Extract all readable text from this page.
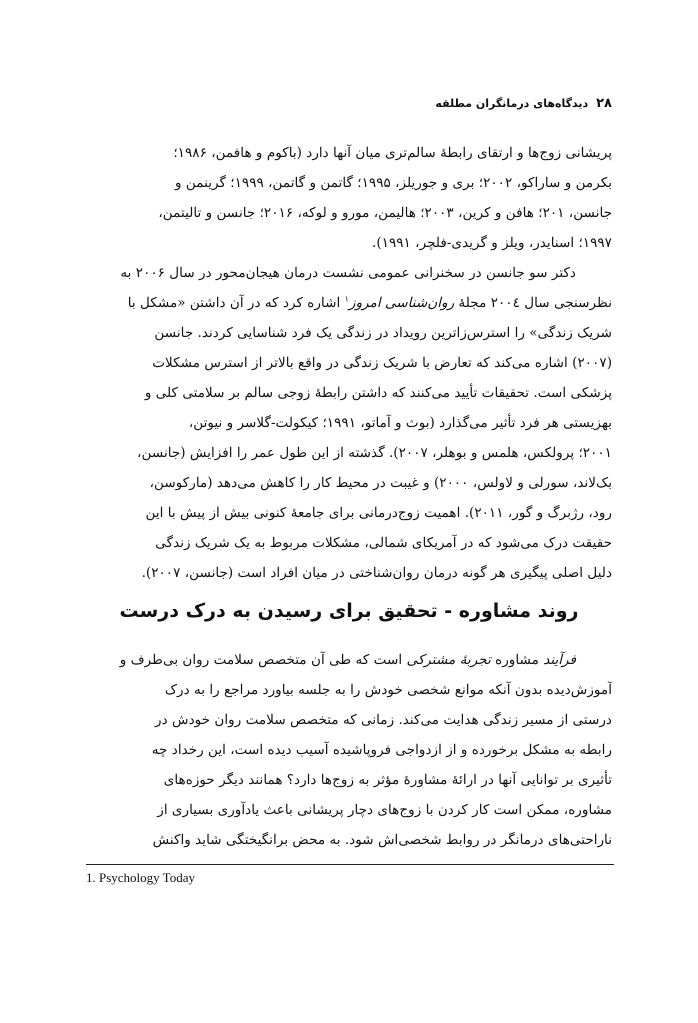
۲۸دیدگاه‌های درمانگران مطلقه
پریشانی زوج‌ها و ارتقای رابطهٔ سالم‌تری میان آنها دارد (باکوم و هافمن، ۱۹۸۶؛
بکرمن و ساراکو، ۲۰۰۲؛ بری و جوریلز، ۱۹۹۵؛ گاتمن و گاتمن، ۱۹۹۹؛ گرینمن و
جانسن، ۲۰۱؛ هافن و کرین، ۲۰۰۳؛ هالیمن، مورو و لوکه، ۲۰۱۶؛ جانسن و تالیتمن،
۱۹۹۷؛ اسنایدر، ویلز و گریدی-فلچر، ۱۹۹۱).
دکتر سو جانسن در سخنرانی عمومی نشست درمان هیجان‌محور در سال ۲۰۰۶ به
نظرسنجی سال ۲۰۰٤ مجلهٔ روان‌شناسی امروز$^۱$ اشاره کرد که در آن داشتن «مشکل با
شریک زندگی» را استرس‌زاترین رویداد در زندگی یک فرد شناسایی کردند. جانسن
(۲۰۰۷) اشاره می‌کند که تعارض با شریک زندگی در واقع بالاتر از استرس مشکلات
پزشکی است. تحقیقات تأیید می‌کنند که داشتن رابطهٔ زوجی سالم بر سلامتی کلی و
بهزیستی هر فرد تأثیر می‌گذارد (بوث و آماتو، ۱۹۹۱؛ کیکولت-گلاسر و نیوتن،
۲۰۰۱؛ پرولکس، هلمس و بوهلر، ۲۰۰۷). گذشته از این طول عمر را افزایش (جانسن،
بک‌لاند، سورلی و لاولس، ۲۰۰۰) و غیبت در محیط کار را کاهش می‌دهد (مارکوسن،
رود، رژبرگ و گور، ۲۰۱۱). اهمیت زوج‌درمانی برای جامعهٔ کنونی بیش از پیش با این
حقیقت درک می‌شود که در آمریکای شمالی، مشکلات مربوط به یک شریک زندگی
دلیل اصلی پیگیری هر گونه درمان روان‌شناختی در میان افراد است (جانسن، ۲۰۰۷).
روند مشاوره - تحقیق برای رسیدن به درک درست
فرآیند مشاوره تجربهٔ مشترکی است که طی آن متخصص سلامت روان بی‌طرف و
آموزش‌دیده بدون آنکه موانع شخصی خودش را به جلسه بیاورد مراجع را به درک
درستی از مسیر زندگی هدایت می‌کند. زمانی که متخصص سلامت روان خودش در
رابطه به مشکل برخورده و از ازدواجی فروپاشیده آسیب دیده است، این رخداد چه
تأثیری بر توانایی آنها در ارائهٔ مشاورهٔ مؤثر به زوج‌ها دارد؟ همانند دیگر حوزه‌های
مشاوره، ممکن است کار کردن با زوج‌های دچار پریشانی باعث یادآوری بسیاری از
ناراحتی‌های درمانگر در روابط شخصی‌اش شود. به محض برانگیختگی شاید واکنش
1. Psychology Today
